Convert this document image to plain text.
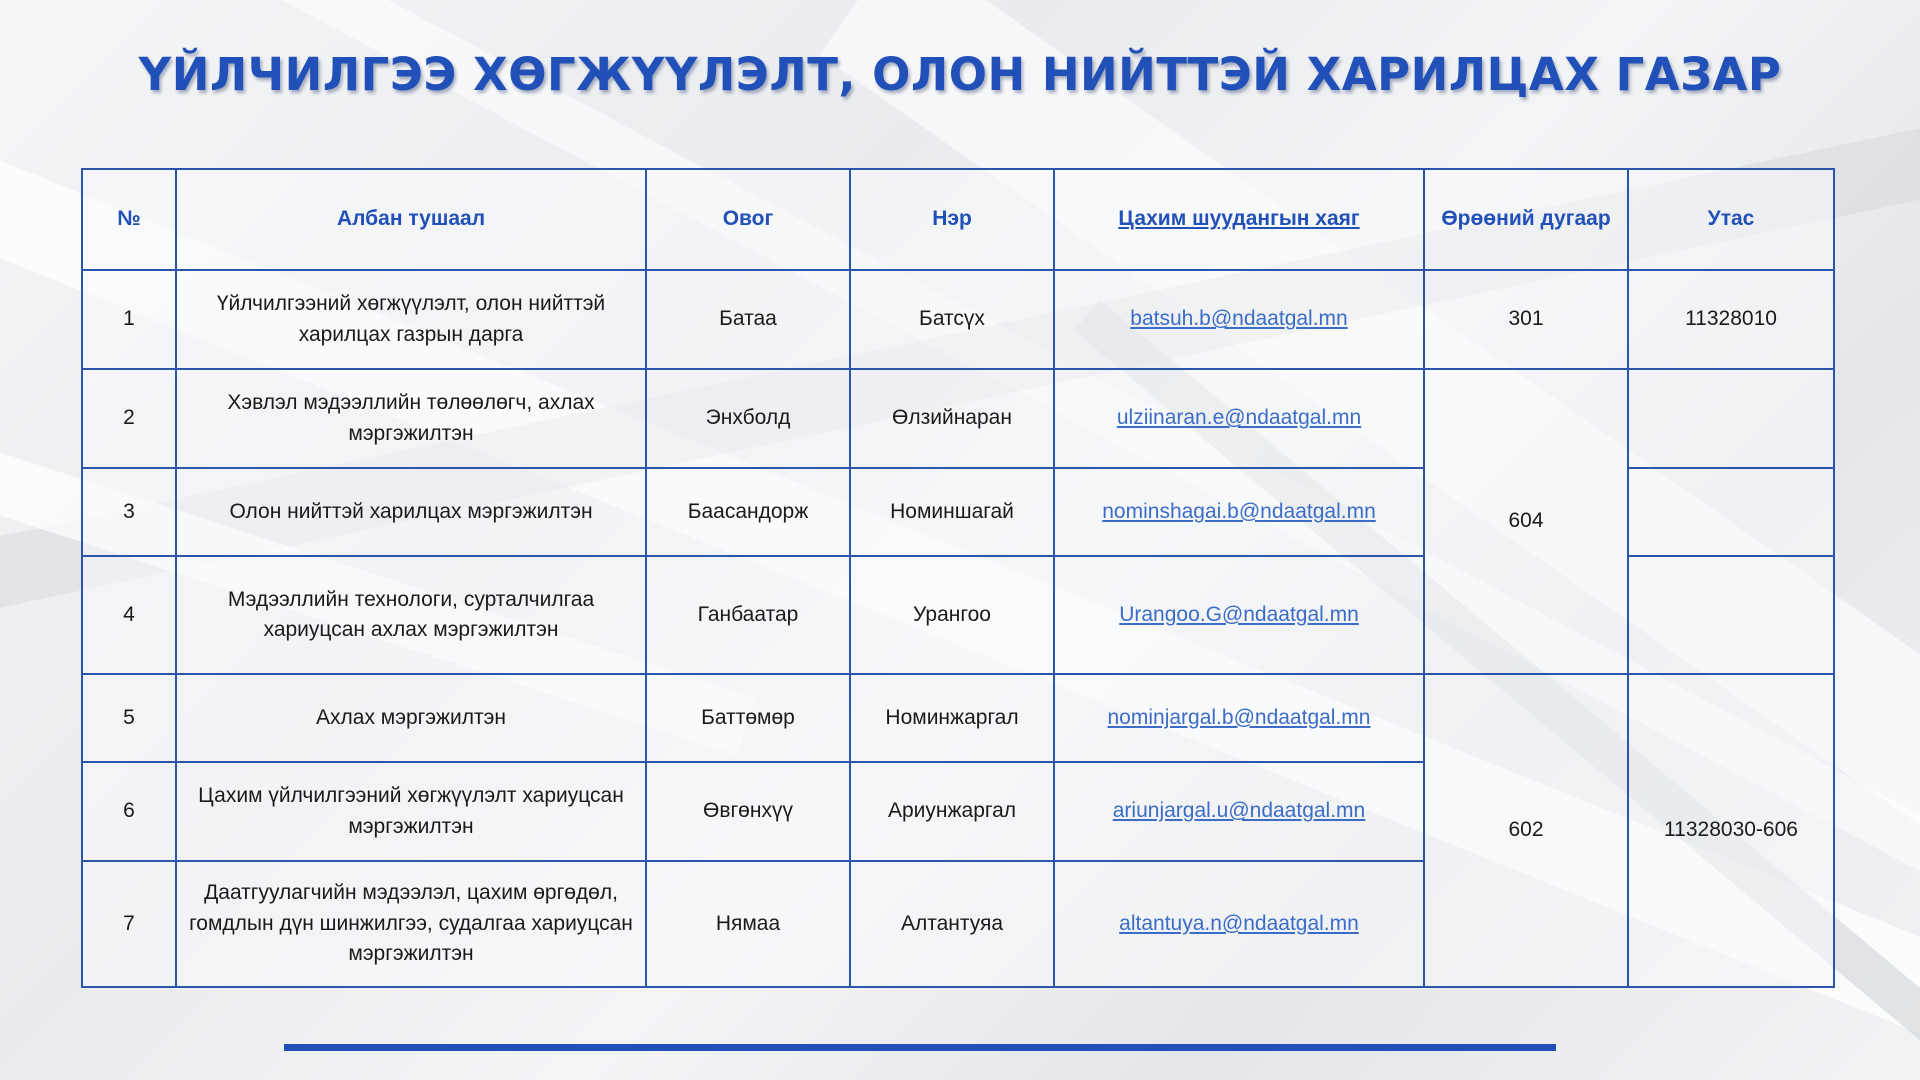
ҮЙЛЧИЛГЭЭ ХӨГЖҮҮЛЭЛТ, ОЛОН НИЙТТЭЙ ХАРИЛЦАХ ГАЗАР
№	Албан тушаал	Овог	Нэр	Цахим шуудангын хаяг	Өрөөний дугаар	Утас
1	Үйлчилгээний хөгжүүлэлт, олон нийттэй харилцах газрын дарга	Батаа	Батсүх	batsuh.b@ndaatgal.mn	301	11328010
2	Хэвлэл мэдээллийн төлөөлөгч, ахлах мэргэжилтэн	Энхболд	Өлзийнаран	ulziinaran.e@ndaatgal.mn	604	
3	Олон нийттэй харилцах мэргэжилтэн	Баасандорж	Номиншагай	nominshagai.b@ndaatgal.mn		
4	Мэдээллийн технологи, сурталчилгаа хариуцсан ахлах мэргэжилтэн	Ганбаатар	Урангоо	Urangoo.G@ndaatgal.mn		
5	Ахлах мэргэжилтэн	Баттөмөр	Номинжаргал	nominjargal.b@ndaatgal.mn	602	11328030-606
6	Цахим үйлчилгээний хөгжүүлэлт хариуцсан мэргэжилтэн	Өвгөнхүү	Ариунжаргал	ariunjargal.u@ndaatgal.mn		
7	Даатгуулагчийн мэдээлэл, цахим өргөдөл, гомдлын дүн шинжилгээ, судалгаа хариуцсан мэргэжилтэн	Нямаа	Алтантуяа	altantuya.n@ndaatgal.mn		
